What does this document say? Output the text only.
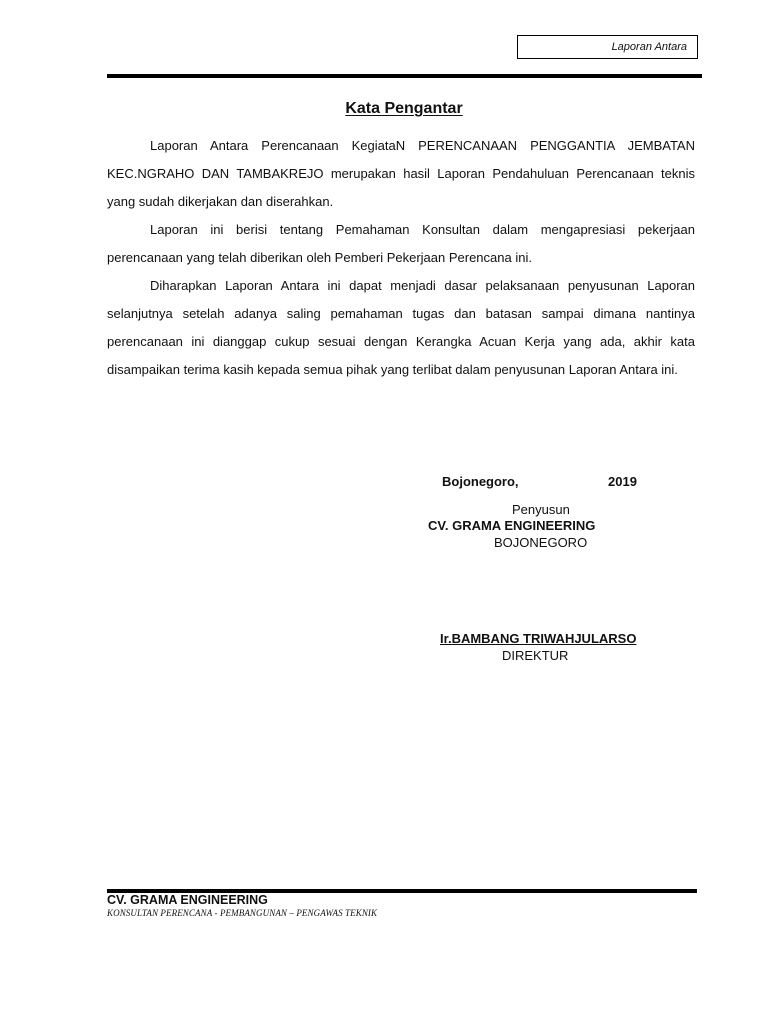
Laporan Antara
Kata Pengantar

Laporan Antara Perencanaan KegiataN PERENCANAAN PENGGANTIA JEMBATAN KEC.NGRAHO DAN TAMBAKREJO merupakan hasil Laporan Pendahuluan Perencanaan teknis yang sudah dikerjakan dan diserahkan.

Laporan ini berisi tentang Pemahaman Konsultan dalam mengapresiasi pekerjaan perencanaan yang telah diberikan oleh Pemberi Pekerjaan Perencana ini.

Diharapkan Laporan Antara ini dapat menjadi dasar pelaksanaan penyusunan Laporan selanjutnya setelah adanya saling pemahaman tugas dan batasan sampai dimana nantinya perencanaan ini dianggap cukup sesuai dengan Kerangka Acuan Kerja yang ada, akhir kata disampaikan terima kasih kepada semua pihak yang terlibat dalam penyusunan Laporan Antara ini.

Bojonegoro,	2019
Penyusun
CV. GRAMA ENGINEERING
BOJONEGORO
Ir.BAMBANG TRIWAHJULARSO
DIREKTUR
CV. GRAMA ENGINEERING
KONSULTAN PERENCANA - PEMBANGUNAN – PENGAWAS TEKNIK
